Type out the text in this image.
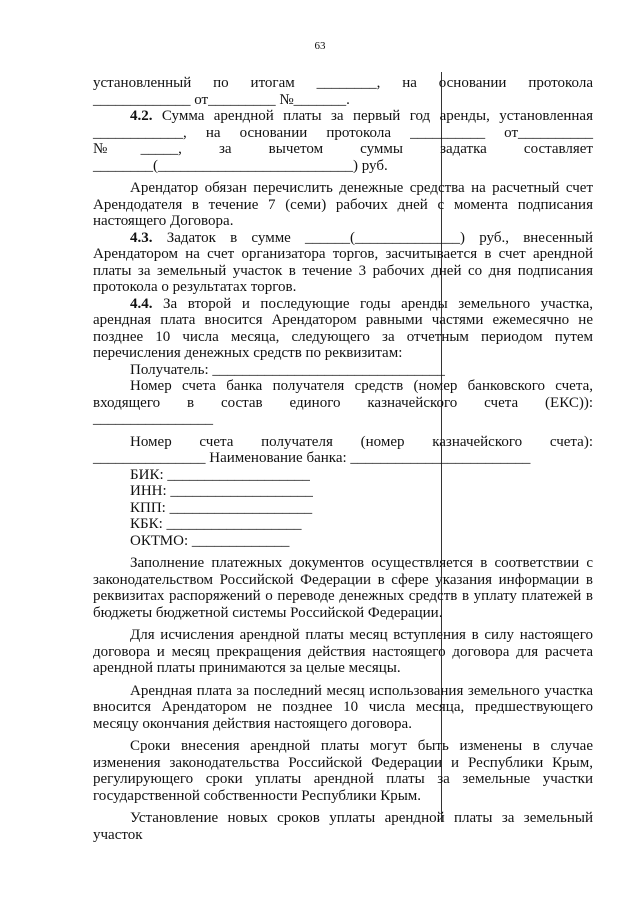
63

установленный по итогам ________, на основании протокола

_____________ от_________ №_______.

4.2. Сумма арендной платы за первый год аренды, установленная

____________, на основании протокола __________ от__________

№_____, за вычетом суммы задатка составляет

________(__________________________) руб.

Арендатор обязан перечислить денежные средства на расчетный счет

Арендодателя в течение 7 (семи) рабочих дней с момента подписания

настоящего Договора.

4.3. Задаток в сумме ______(______________) руб., внесенный

Арендатором на счет организатора торгов, засчитывается в счет арендной

платы за земельный участок в течение 3 рабочих дней со дня подписания

протокола о результатах торгов.

4.4. За второй и последующие годы аренды земельного участка,

арендная плата вносится Арендатором равными частями ежемесячно не

позднее 10 числа месяца, следующего за отчетным периодом путем

перечисления денежных средств по реквизитам:

Получатель: _______________________________

Номер счета банка получателя средств (номер банковского счета,

входящего в состав единого казначейского счета (ЕКС)):

________________

Номер счета получателя (номер казначейского счета):

_______________ Наименование банка: ________________________

БИК: ___________________

ИНН: ___________________

КПП: ___________________

КБК: __________________

ОКТМО: _____________

Заполнение платежных документов осуществляется в соответствии с

законодательством Российской Федерации в сфере указания информации в

реквизитах распоряжений о переводе денежных средств в уплату платежей в

бюджеты бюджетной системы Российской Федерации.

Для исчисления арендной платы месяц вступления в силу настоящего

договора и месяц прекращения действия настоящего договора для расчета

арендной платы принимаются за целые месяцы.

Арендная плата за последний месяц использования земельного участка

вносится Арендатором не позднее 10 числа месяца, предшествующего

месяцу окончания действия настоящего договора.

Сроки внесения арендной платы могут быть изменены в случае

изменения законодательства Российской Федерации и Республики Крым,

регулирующего сроки уплаты арендной платы за земельные участки

государственной собственности Республики Крым.

Установление новых сроков уплаты арендной платы за земельный

участок
